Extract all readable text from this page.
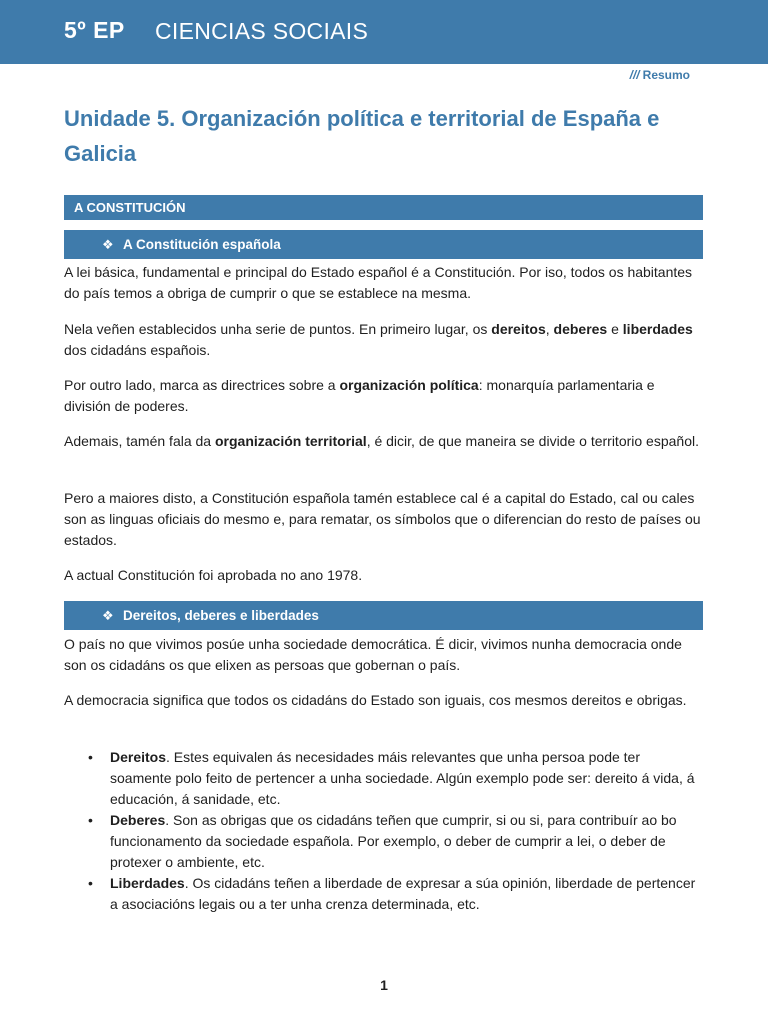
5º EP CIENCIAS SOCIAIS
/// Resumo
Unidade 5. Organización política e territorial de España e Galicia
A CONSTITUCIÓN
❖ A Constitución española

A lei básica, fundamental e principal do Estado español é a Constitución. Por iso, todos os habitantes do país temos a obriga de cumprir o que se establece na mesma.

Nela veñen establecidos unha serie de puntos. En primeiro lugar, os dereitos, deberes e liberdades dos cidadáns españois.

Por outro lado, marca as directrices sobre a organización política: monarquía parlamentaria e división de poderes.

Ademais, tamén fala da organización territorial, é dicir, de que maneira se divide o territorio español.

Pero a maiores disto, a Constitución española tamén establece cal é a capital do Estado, cal ou cales son as linguas oficiais do mesmo e, para rematar, os símbolos que o diferencian do resto de países ou estados.

A actual Constitución foi aprobada no ano 1978.

❖ Dereitos, deberes e liberdades

O país no que vivimos posúe unha sociedade democrática. É dicir, vivimos nunha democracia onde son os cidadáns os que elixen as persoas que gobernan o país.

A democracia significa que todos os cidadáns do Estado son iguais, cos mesmos dereitos e obrigas.

• Dereitos. Estes equivalen ás necesidades máis relevantes que unha persoa pode ter soamente polo feito de pertencer a unha sociedade. Algún exemplo pode ser: dereito á vida, á educación, á sanidade, etc.
• Deberes. Son as obrigas que os cidadáns teñen que cumprir, si ou si, para contribuír ao bo funcionamento da sociedade española. Por exemplo, o deber de cumprir a lei, o deber de protexer o ambiente, etc.
• Liberdades. Os cidadáns teñen a liberdade de expresar a súa opinión, liberdade de pertencer a asociacións legais ou a ter unha crenza determinada, etc.
1
